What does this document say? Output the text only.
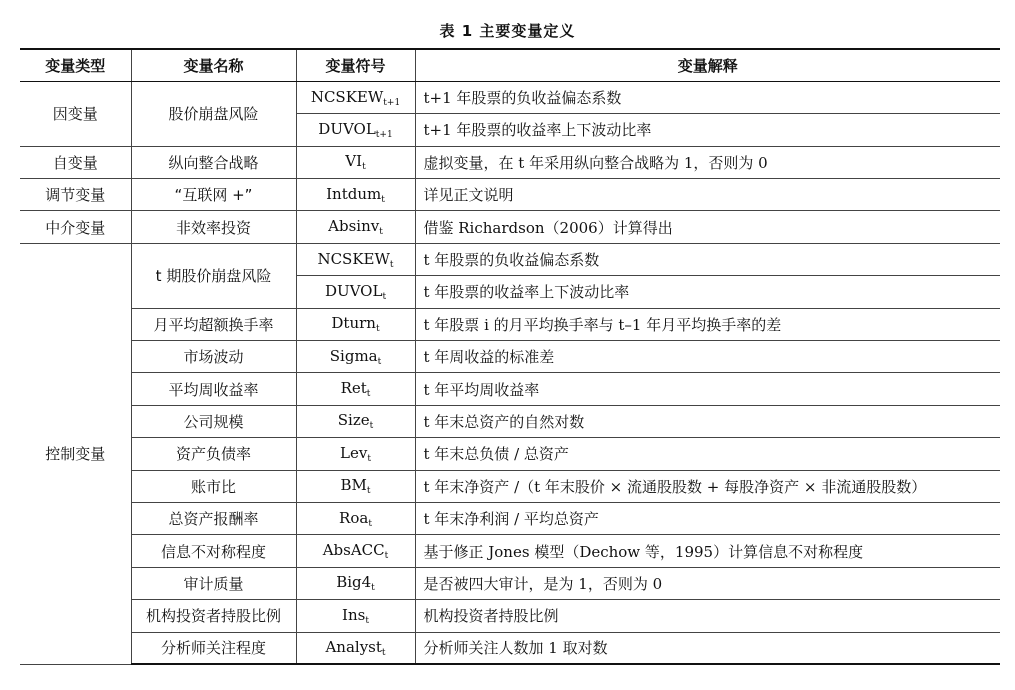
表 1 主要变量定义
变量类型	变量名称	变量符号	变量解释
因变量	股价崩盘风险	$NCSKEW_{t+1}$	t+1 年股票的负收益偏态系数
		$DUVOL_{t+1}$	t+1 年股票的收益率上下波动比率
自变量	纵向整合战略	$VI_t$	虚拟变量，在 t 年采用纵向整合战略为 1，否则为 0
调节变量	“互联网 +”	Intdum$_t$	详见正文说明
中介变量	非效率投资	Absinv$_t$	借鉴 Richardson（2006）计算得出
控制变量	t 期股价崩盘风险	$NCSKEW_t$	t 年股票的负收益偏态系数
		$DUVOL_t$	t 年股票的收益率上下波动比率
	月平均超额换手率	Dturn$_t$	t 年股票 i 的月平均换手率与 t–1 年月平均换手率的差
	市场波动	Sigma$_t$	t 年周收益的标准差
	平均周收益率	Ret$_t$	t 年平均周收益率
	公司规模	Size$_t$	t 年末总资产的自然对数
	资产负债率	Lev$_t$	t 年末总负债 / 总资产
	账市比	$BM_t$	t 年末净资产 /（t 年末股价 × 流通股股数 + 每股净资产 × 非流通股股数）
	总资产报酬率	Roa$_t$	t 年末净利润 / 平均总资产
	信息不对称程度	AbsACC$_t$	基于修正 Jones 模型（Dechow 等，1995）计算信息不对称程度
	审计质量	$Big4_t$	是否被四大审计，是为 1，否则为 0
	机构投资者持股比例	Ins$_t$	机构投资者持股比例
	分析师关注程度	Analyst$_t$	分析师关注人数加 1 取对数
